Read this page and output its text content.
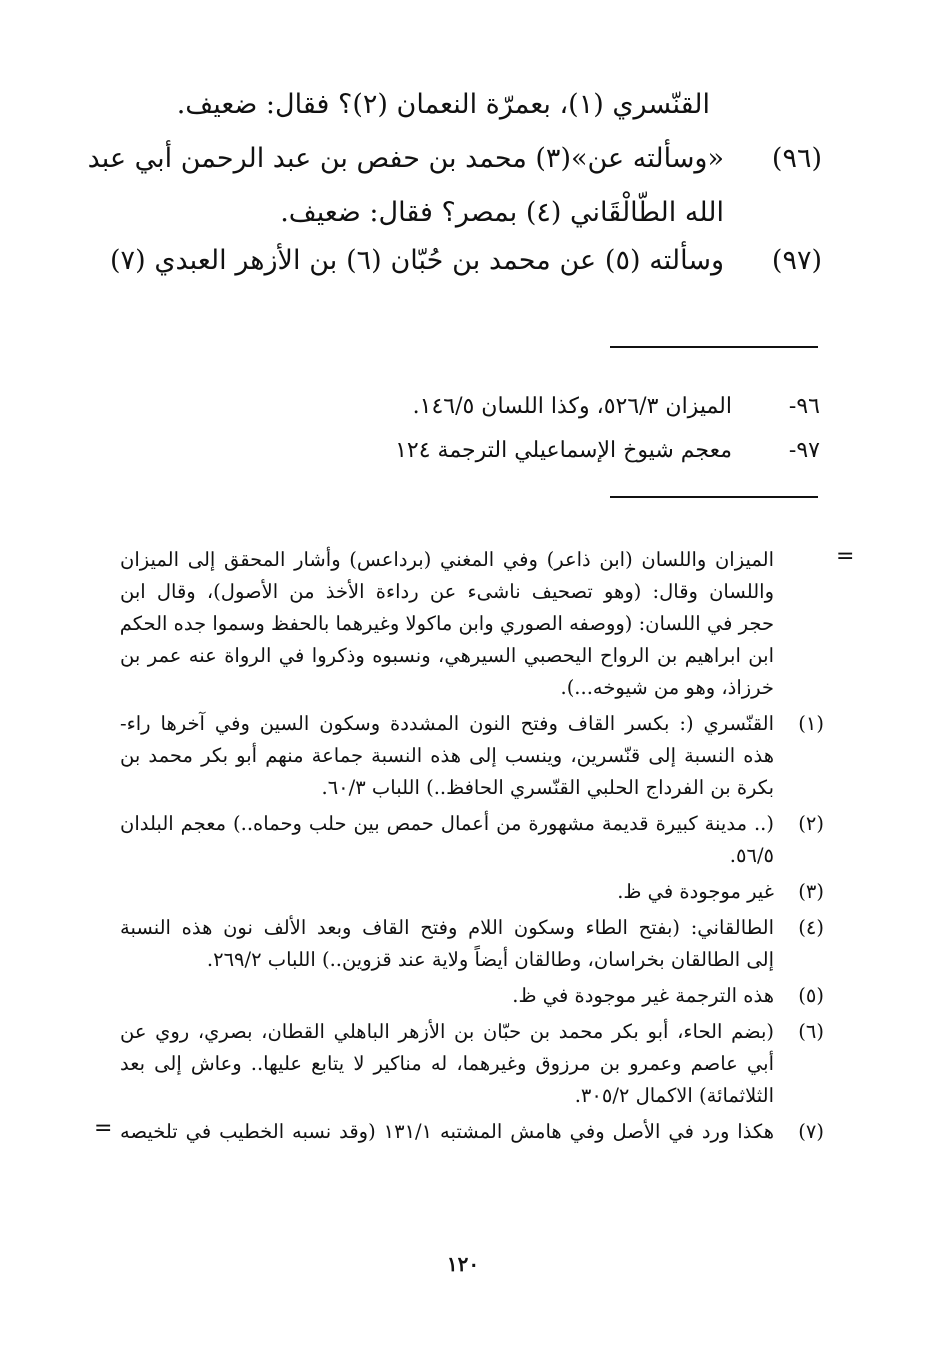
القنّسري (١)، بعمرّة النعمان (٢)؟ فقال: ضعيف.
(٩٦)
«وسألته عن»(٣) محمد بن حفص بن عبد الرحمن أبي عبد
الله الطّالْقَاني (٤) بمصر؟ فقال: ضعيف.
(٩٧)
وسألته (٥) عن محمد بن حُبّان (٦) بن الأزهر العبدي (٧)
٩٦-
الميزان ٥٢٦/٣، وكذا اللسان ١٤٦/٥.
٩٧-
معجم شيوخ الإسماعيلي الترجمة ١٢٤
=
الميزان واللسان (ابن ذاعر) وفي المغني (برداعس) وأشار المحقق إلى الميزان
واللسان وقال: (وهو تصحيف ناشىء عن رداءة الأخذ من الأصول)، وقال ابن
حجر في اللسان: (ووصفه الصوري وابن ماكولا وغيرهما بالحفظ وسموا جده الحكم
ابن ابراهيم بن الرواح اليحصبي السيرهي، ونسبوه وذكروا في الرواة عنه عمر بن
خرزاذ، وهو من شيوخه...).
(١)
القنّسري (: بكسر القاف وفتح النون المشددة وسكون السين وفي آخرها راء-
هذه النسبة إلى قنّسرين، وينسب إلى هذه النسبة جماعة منهم أبو بكر محمد بن
بكرة بن الفرداج الحلبي القنّسري الحافظ..) اللباب ٦٠/٣.
(٢)
(.. مدينة كبيرة قديمة مشهورة من أعمال حمص بين حلب وحماه..) معجم البلدان
٥٦/٥.
(٣)
غير موجودة في ظ.
(٤)
الطالقاني: (بفتح الطاء وسكون اللام وفتح القاف وبعد الألف نون هذه النسبة
إلى الطالقان بخراسان، وطالقان أيضاً ولاية عند قزوين..) اللباب ٢٦٩/٢.
(٥)
هذه الترجمة غير موجودة في ظ.
(٦)
(بضم الحاء، أبو بكر محمد بن حبّان بن الأزهر الباهلي القطان، بصري، روي عن
أبي عاصم وعمرو بن مرزوق وغيرهما، له مناكير لا يتابع عليها.. وعاش إلى بعد
الثلاثمائة) الاكمال ٣٠٥/٢.
(٧)
هكذا ورد في الأصل وفي هامش المشتبه ١٣١/١ (وقد نسبه الخطيب في تلخيصه
=
١٢٠
